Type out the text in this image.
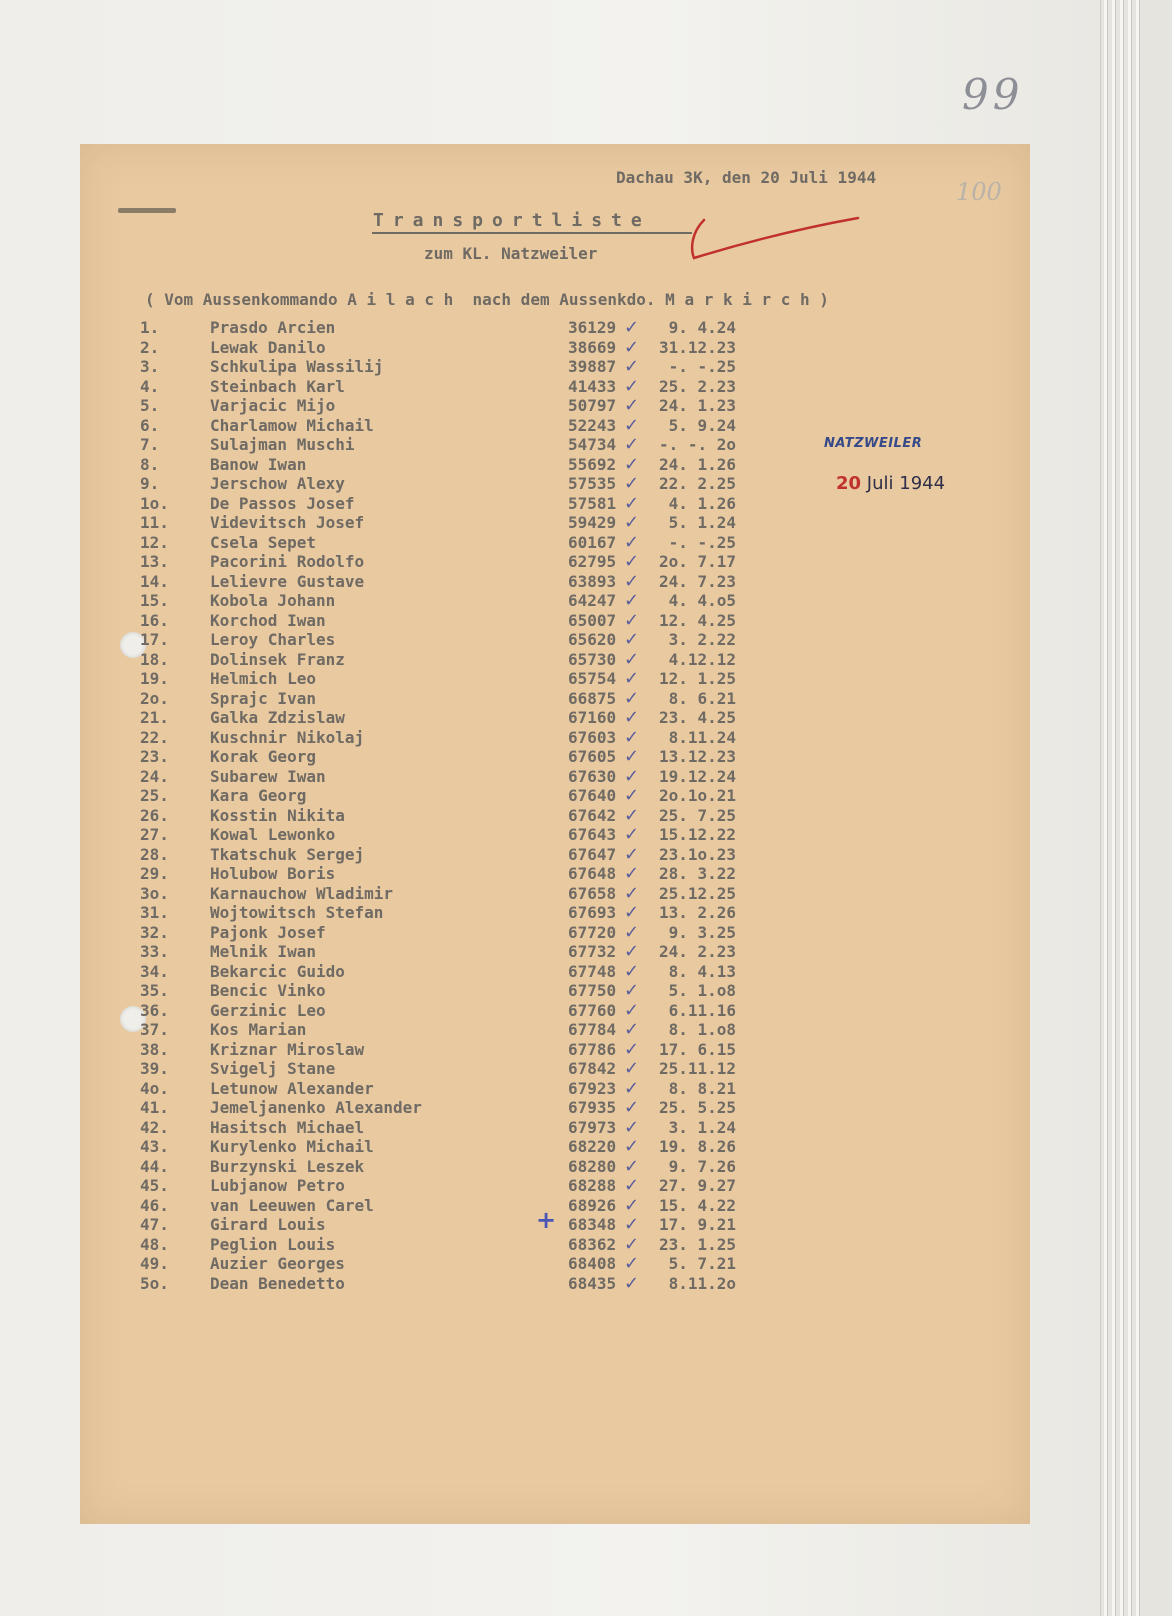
99
100
Dachau 3K, den 20 Juli 1944
Transportliste
zum KL. Natzweiler
( Vom Aussenkommando A i l a c h  nach dem Aussenkdo. M a r k i r c h )
NATZWEILER
20 Juli 1944
1.	Prasdo Arcien	36129	✓	9. 4.24
2.	Lewak Danilo	38669	✓	31.12.23
3.	Schkulipa Wassilij	39887	✓	-. -.25
4.	Steinbach Karl	41433	✓	25. 2.23
5.	Varjacic Mijo	50797	✓	24. 1.23
6.	Charlamow Michail	52243	✓	5. 9.24
7.	Sulajman Muschi	54734	✓	-. -. 2o
8.	Banow Iwan	55692	✓	24. 1.26
9.	Jerschow Alexy	57535	✓	22. 2.25
1o.	De Passos Josef	57581	✓	4. 1.26
11.	Videvitsch Josef	59429	✓	5. 1.24
12.	Csela Sepet	60167	✓	-. -.25
13.	Pacorini Rodolfo	62795	✓	2o. 7.17
14.	Lelievre Gustave	63893	✓	24. 7.23
15.	Kobola Johann	64247	✓	4. 4.o5
16.	Korchod Iwan	65007	✓	12. 4.25
17.	Leroy Charles	65620	✓	3. 2.22
18.	Dolinsek Franz	65730	✓	4.12.12
19.	Helmich Leo	65754	✓	12. 1.25
2o.	Sprajc Ivan	66875	✓	8. 6.21
21.	Galka Zdzislaw	67160	✓	23. 4.25
22.	Kuschnir Nikolaj	67603	✓	8.11.24
23.	Korak Georg	67605	✓	13.12.23
24.	Subarew Iwan	67630	✓	19.12.24
25.	Kara Georg	67640	✓	2o.1o.21
26.	Kosstin Nikita	67642	✓	25. 7.25
27.	Kowal Lewonko	67643	✓	15.12.22
28.	Tkatschuk Sergej	67647	✓	23.1o.23
29.	Holubow Boris	67648	✓	28. 3.22
3o.	Karnauchow Wladimir	67658	✓	25.12.25
31.	Wojtowitsch Stefan	67693	✓	13. 2.26
32.	Pajonk Josef	67720	✓	9. 3.25
33.	Melnik Iwan	67732	✓	24. 2.23
34.	Bekarcic Guido	67748	✓	8. 4.13
35.	Bencic Vinko	67750	✓	5. 1.o8
36.	Gerzinic Leo	67760	✓	6.11.16
37.	Kos Marian	67784	✓	8. 1.o8
38.	Kriznar Miroslaw	67786	✓	17. 6.15
39.	Svigelj Stane	67842	✓	25.11.12
4o.	Letunow Alexander	67923	✓	8. 8.21
41.	Jemeljanenko Alexander	67935	✓	25. 5.25
42.	Hasitsch Michael	67973	✓	3. 1.24
43.	Kurylenko Michail	68220	✓	19. 8.26
44.	Burzynski Leszek	68280	✓	9. 7.26
45.	Lubjanow Petro	68288	✓	27. 9.27
46.	van Leeuwen Carel	68926	✓	15. 4.22
47.	Girard Louis	68348	✓	17. 9.21
48.	Peglion Louis	68362	✓	23. 1.25
49.	Auzier Georges	68408	✓	5. 7.21
5o.	Dean Benedetto	68435	✓	8.11.2o
+
